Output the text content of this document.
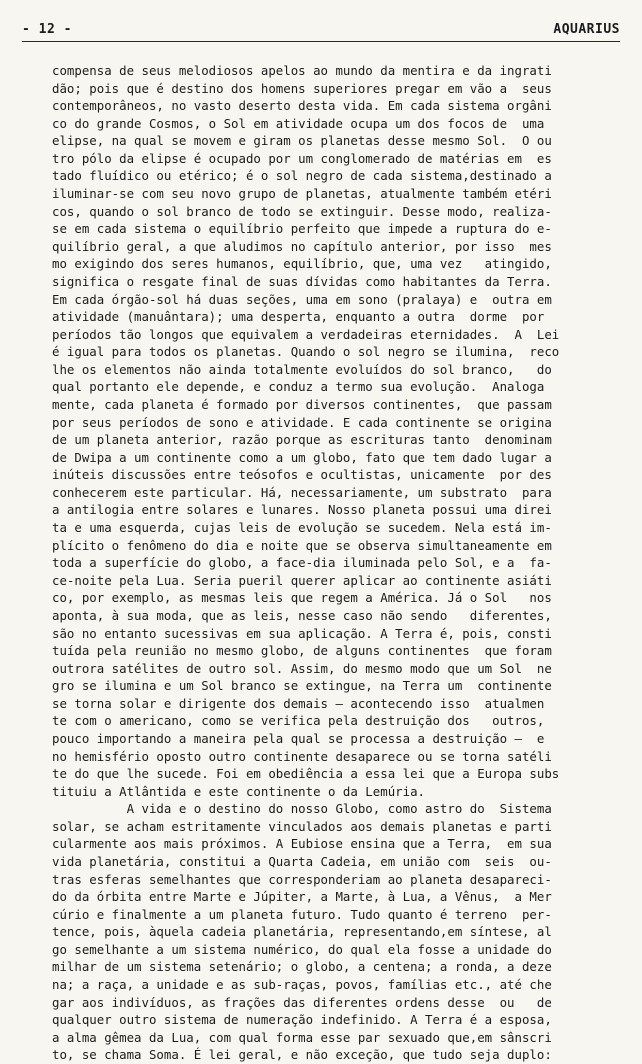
- 12 -	AQUARIUS
compensa de seus melodiosos apelos ao mundo da mentira e da ingrati
dão; pois que é destino dos homens superiores pregar em vão a  seus
contemporâneos, no vasto deserto desta vida. Em cada sistema orgâni
co do grande Cosmos, o Sol em atividade ocupa um dos focos de  uma
elipse, na qual se movem e giram os planetas desse mesmo Sol.  O ou
tro pólo da elipse é ocupado por um conglomerado de matérias em  es
tado fluídico ou etérico; é o sol negro de cada sistema,destinado a
iluminar-se com seu novo grupo de planetas, atualmente também etéri
cos, quando o sol branco de todo se extinguir. Desse modo, realiza-
se em cada sistema o equilíbrio perfeito que impede a ruptura do e-
quilíbrio geral, a que aludimos no capítulo anterior, por isso  mes
mo exigindo dos seres humanos, equilíbrio, que, uma vez   atingido,
significa o resgate final de suas dívidas como habitantes da Terra.
Em cada órgão-sol há duas seções, uma em sono (pralaya) e  outra em
atividade (manuântara); uma desperta, enquanto a outra  dorme  por
períodos tão longos que equivalem a verdadeiras eternidades.  A  Lei
é igual para todos os planetas. Quando o sol negro se ilumina,  reco
lhe os elementos não ainda totalmente evoluídos do sol branco,   do
qual portanto ele depende, e conduz a termo sua evolução.  Analoga
mente, cada planeta é formado por diversos continentes,  que passam
por seus períodos de sono e atividade. E cada continente se origina
de um planeta anterior, razão porque as escrituras tanto  denominam
de Dwipa a um continente como a um globo, fato que tem dado lugar a
inúteis discussões entre teósofos e ocultistas, unicamente  por des
conhecerem este particular. Há, necessariamente, um substrato  para
a antilogia entre solares e lunares. Nosso planeta possui uma direi
ta e uma esquerda, cujas leis de evolução se sucedem. Nela está im-
plícito o fenômeno do dia e noite que se observa simultaneamente em
toda a superfície do globo, a face-dia iluminada pelo Sol, e a  fa-
ce-noite pela Lua. Seria pueril querer aplicar ao continente asiáti
co, por exemplo, as mesmas leis que regem a América. Já o Sol   nos
aponta, à sua moda, que as leis, nesse caso não sendo   diferentes,
são no entanto sucessivas em sua aplicação. A Terra é, pois, consti
tuída pela reunião no mesmo globo, de alguns continentes  que foram
outrora satélites de outro sol. Assim, do mesmo modo que um Sol  ne
gro se ilumina e um Sol branco se extingue, na Terra um  continente
se torna solar e dirigente dos demais — acontecendo isso  atualmen
te com o americano, como se verifica pela destruição dos   outros,
pouco importando a maneira pela qual se processa a destruição —  e
no hemisfério oposto outro continente desaparece ou se torna satéli
te do que lhe sucede. Foi em obediência a essa lei que a Europa subs
tituiu a Atlântida e este continente o da Lemúria.
A vida e o destino do nosso Globo, como astro do  Sistema
solar, se acham estritamente vinculados aos demais planetas e parti
cularmente aos mais próximos. A Eubiose ensina que a Terra,  em sua
vida planetária, constitui a Quarta Cadeia, em união com  seis  ou-
tras esferas semelhantes que corresponderiam ao planeta desapareci-
do da órbita entre Marte e Júpiter, a Marte, à Lua, a Vênus,  a Mer
cúrio e finalmente a um planeta futuro. Tudo quanto é terreno  per-
tence, pois, àquela cadeia planetária, representando,em síntese, al
go semelhante a um sistema numérico, do qual ela fosse a unidade do
milhar de um sistema setenário; o globo, a centena; a ronda, a deze
na; a raça, a unidade e as sub-raças, povos, famílias etc., até che
gar aos indivíduos, as frações das diferentes ordens desse  ou   de
qualquer outro sistema de numeração indefinido. A Terra é a esposa,
a alma gêmea da Lua, com qual forma esse par sexuado que,em sânscri
to, se chama Soma. É lei geral, e não exceção, que tudo seja duplo:
